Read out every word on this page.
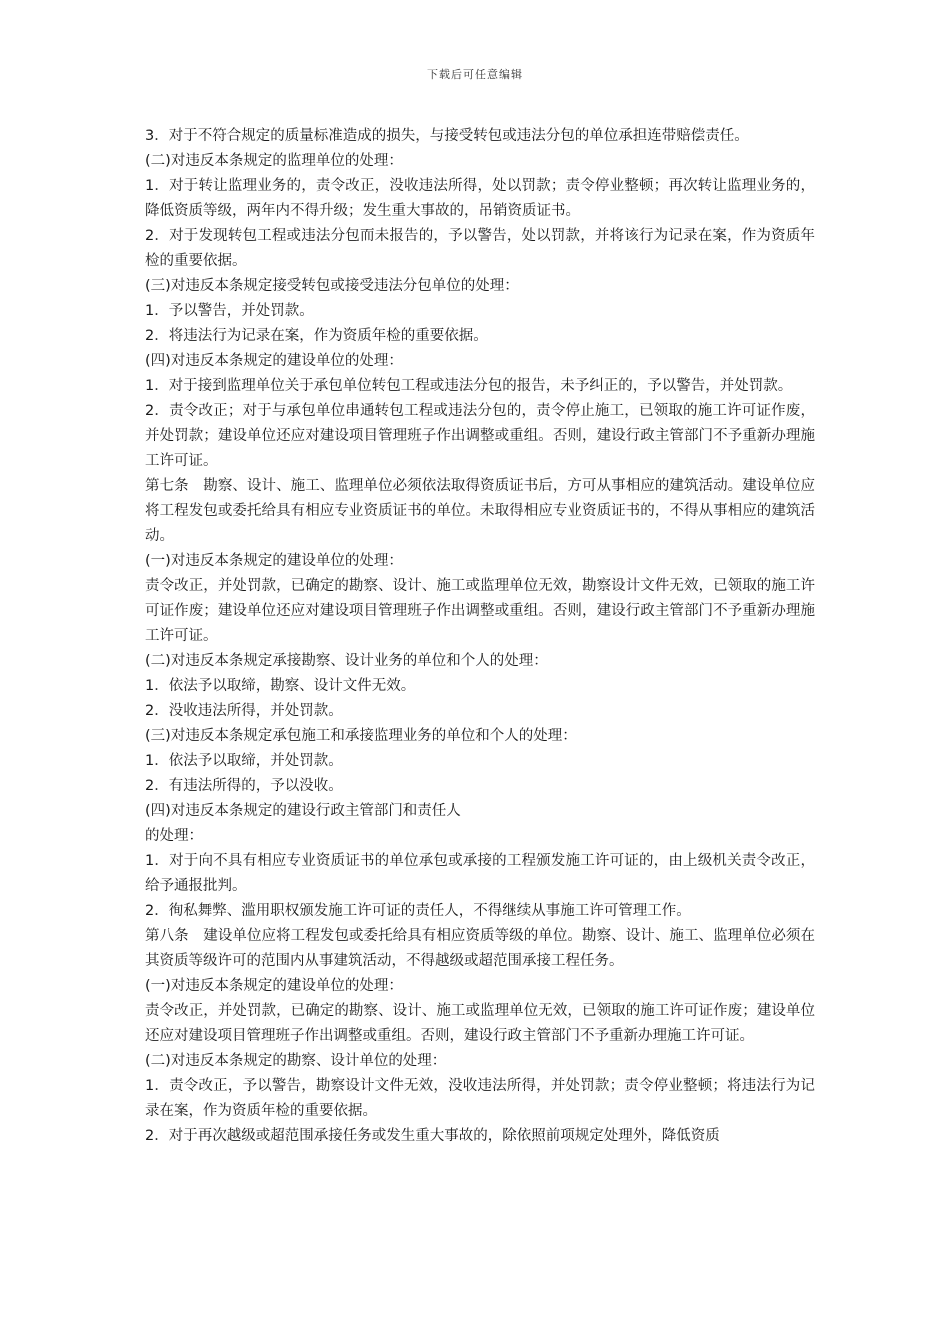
下载后可任意编辑

3．对于不符合规定的质量标准造成的损失，与接受转包或违法分包的单位承担连带赔偿责任。

(二)对违反本条规定的监理单位的处理：

1．对于转让监理业务的，责令改正，没收违法所得，处以罚款；责令停业整顿；再次转让监理业务的，降低资质等级，两年内不得升级；发生重大事故的，吊销资质证书。

2．对于发现转包工程或违法分包而未报告的，予以警告，处以罚款，并将该行为记录在案，作为资质年检的重要依据。

(三)对违反本条规定接受转包或接受违法分包单位的处理：

1．予以警告，并处罚款。

2．将违法行为记录在案，作为资质年检的重要依据。

(四)对违反本条规定的建设单位的处理：

1．对于接到监理单位关于承包单位转包工程或违法分包的报告，未予纠正的，予以警告，并处罚款。

2．责令改正；对于与承包单位串通转包工程或违法分包的，责令停止施工，已领取的施工许可证作废，并处罚款；建设单位还应对建设项目管理班子作出调整或重组。否则，建设行政主管部门不予重新办理施工许可证。

第七条　勘察、设计、施工、监理单位必须依法取得资质证书后，方可从事相应的建筑活动。建设单位应将工程发包或委托给具有相应专业资质证书的单位。未取得相应专业资质证书的，不得从事相应的建筑活动。

(一)对违反本条规定的建设单位的处理：

责令改正，并处罚款，已确定的勘察、设计、施工或监理单位无效，勘察设计文件无效，已领取的施工许可证作废；建设单位还应对建设项目管理班子作出调整或重组。否则，建设行政主管部门不予重新办理施工许可证。

(二)对违反本条规定承接勘察、设计业务的单位和个人的处理：

1．依法予以取缔，勘察、设计文件无效。

2．没收违法所得，并处罚款。

(三)对违反本条规定承包施工和承接监理业务的单位和个人的处理：

1．依法予以取缔，并处罚款。

2．有违法所得的，予以没收。

(四)对违反本条规定的建设行政主管部门和责任人

的处理：

1．对于向不具有相应专业资质证书的单位承包或承接的工程颁发施工许可证的，由上级机关责令改正，给予通报批判。

2．徇私舞弊、滥用职权颁发施工许可证的责任人，不得继续从事施工许可管理工作。

第八条　建设单位应将工程发包或委托给具有相应资质等级的单位。勘察、设计、施工、监理单位必须在其资质等级许可的范围内从事建筑活动，不得越级或超范围承接工程任务。

(一)对违反本条规定的建设单位的处理：

责令改正，并处罚款，已确定的勘察、设计、施工或监理单位无效，已领取的施工许可证作废；建设单位还应对建设项目管理班子作出调整或重组。否则，建设行政主管部门不予重新办理施工许可证。

(二)对违反本条规定的勘察、设计单位的处理：

1．责令改正，予以警告，勘察设计文件无效，没收违法所得，并处罚款；责令停业整顿；将违法行为记录在案，作为资质年检的重要依据。

2．对于再次越级或超范围承接任务或发生重大事故的，除依照前项规定处理外，降低资质
